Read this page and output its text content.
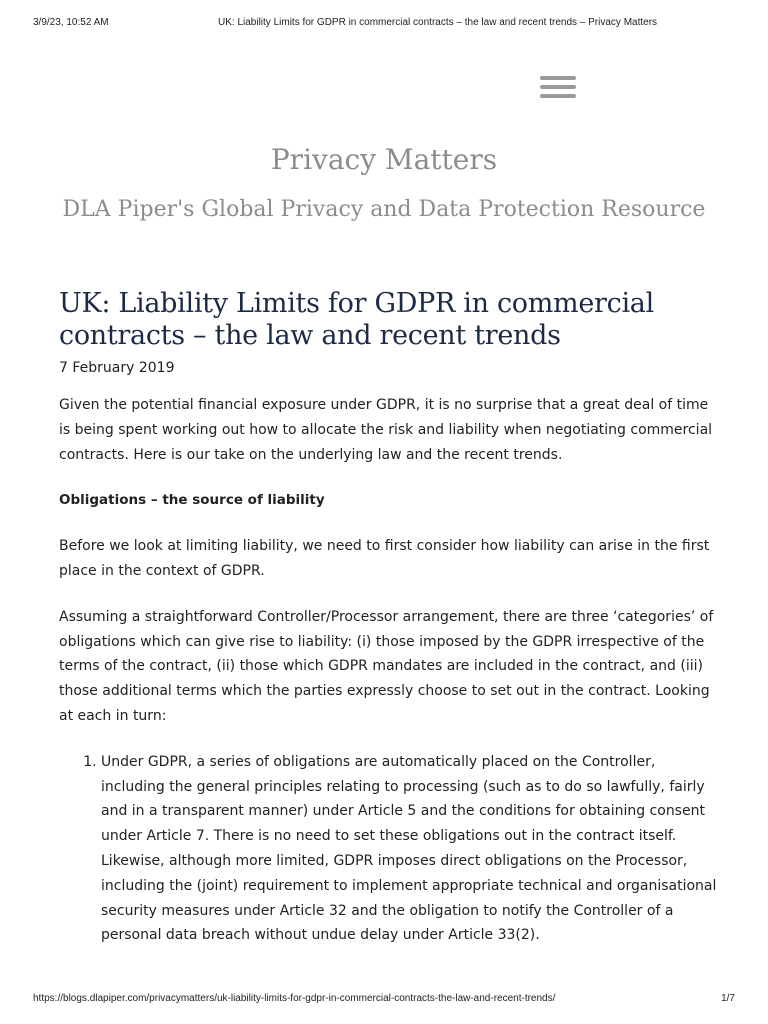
3/9/23, 10:52 AM	UK: Liability Limits for GDPR in commercial contracts – the law and recent trends – Privacy Matters
Privacy Matters
DLA Piper's Global Privacy and Data Protection Resource
UK: Liability Limits for GDPR in commercial contracts – the law and recent trends
7 February 2019

Given the potential financial exposure under GDPR, it is no surprise that a great deal of time is being spent working out how to allocate the risk and liability when negotiating commercial contracts. Here is our take on the underlying law and the recent trends.

Obligations – the source of liability

Before we look at limiting liability, we need to first consider how liability can arise in the first place in the context of GDPR.

Assuming a straightforward Controller/Processor arrangement, there are three ‘categories’ of obligations which can give rise to liability: (i) those imposed by the GDPR irrespective of the terms of the contract, (ii) those which GDPR mandates are included in the contract, and (iii) those additional terms which the parties expressly choose to set out in the contract. Looking at each in turn:

1. Under GDPR, a series of obligations are automatically placed on the Controller, including the general principles relating to processing (such as to do so lawfully, fairly and in a transparent manner) under Article 5 and the conditions for obtaining consent under Article 7. There is no need to set these obligations out in the contract itself. Likewise, although more limited, GDPR imposes direct obligations on the Processor, including the (joint) requirement to implement appropriate technical and organisational security measures under Article 32 and the obligation to notify the Controller of a personal data breach without undue delay under Article 33(2).
https://blogs.dlapiper.com/privacymatters/uk-liability-limits-for-gdpr-in-commercial-contracts-the-law-and-recent-trends/	1/7
